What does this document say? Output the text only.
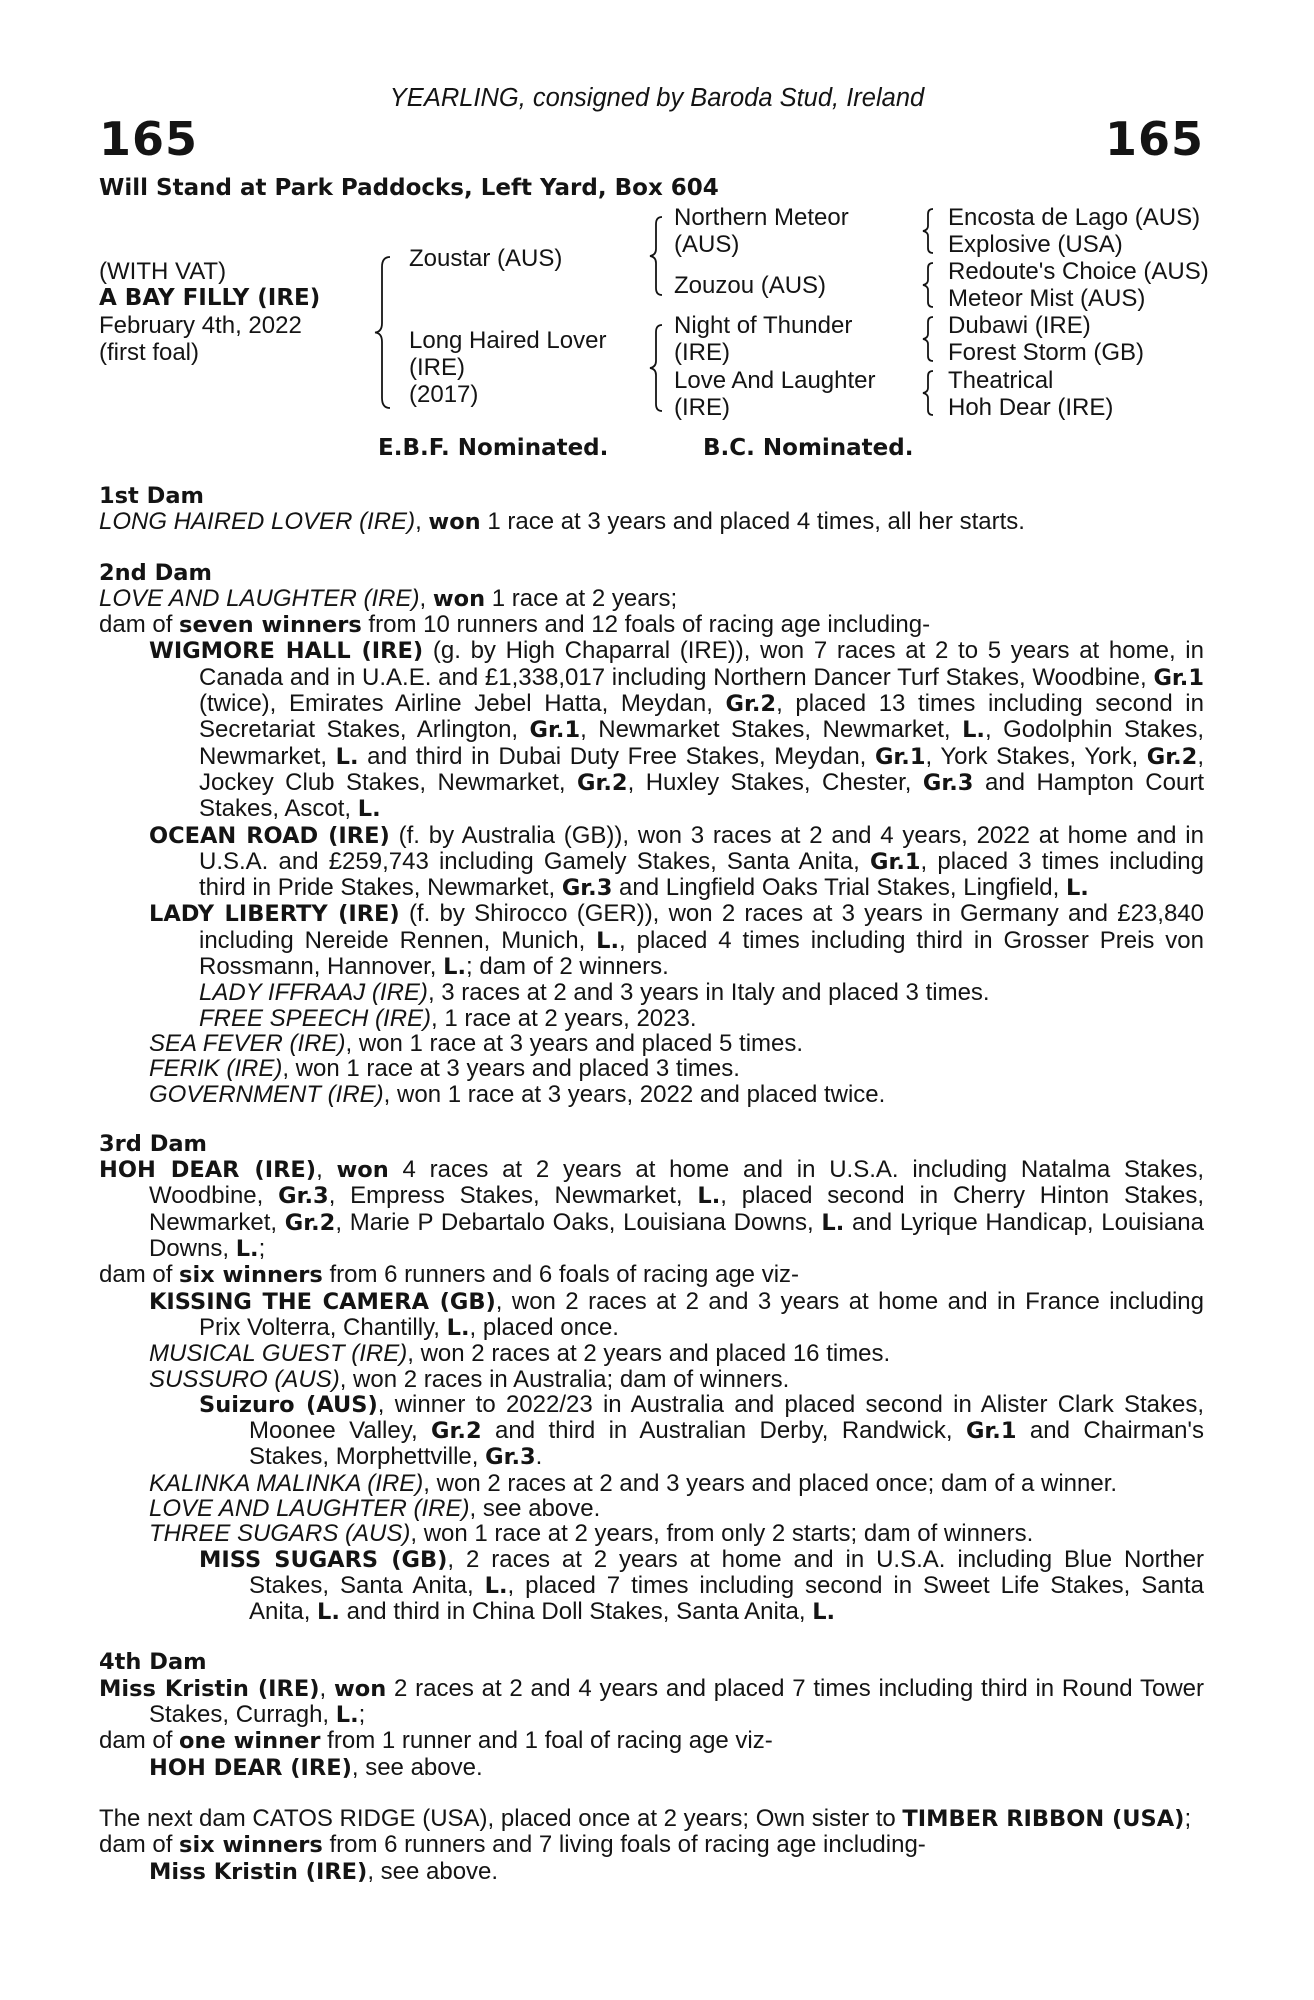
YEARLING, consigned by Baroda Stud, Ireland
165	165
Will Stand at Park Paddocks, Left Yard, Box 604
(WITH VAT)
A BAY FILLY (IRE)
February 4th, 2022
(first foal)
Zoustar (AUS)
Long Haired Lover
(IRE)
(2017)
Northern Meteor
(AUS)
Zouzou (AUS)
Night of Thunder
(IRE)
Love And Laughter
(IRE)
Encosta de Lago (AUS)
Explosive (USA)
Redoute's Choice (AUS)
Meteor Mist (AUS)
Dubawi (IRE)
Forest Storm (GB)
Theatrical
Hoh Dear (IRE)
E.B.F. Nominated.	B.C. Nominated.
1st Dam

LONG HAIRED LOVER (IRE), won 1 race at 3 years and placed 4 times, all her starts.

2nd Dam

LOVE AND LAUGHTER (IRE), won 1 race at 2 years;

dam of seven winners from 10 runners and 12 foals of racing age including-

WIGMORE HALL (IRE) (g. by High Chaparral (IRE)), won 7 races at 2 to 5 years at home, in Canada and in U.A.E. and £1,338,017 including Northern Dancer Turf Stakes, Woodbine, Gr.1 (twice), Emirates Airline Jebel Hatta, Meydan, Gr.2, placed 13 times including second in Secretariat Stakes, Arlington, Gr.1, Newmarket Stakes, Newmarket, L., Godolphin Stakes, Newmarket, L. and third in Dubai Duty Free Stakes, Meydan, Gr.1, York Stakes, York, Gr.2, Jockey Club Stakes, Newmarket, Gr.2, Huxley Stakes, Chester, Gr.3 and Hampton Court Stakes, Ascot, L.

OCEAN ROAD (IRE) (f. by Australia (GB)), won 3 races at 2 and 4 years, 2022 at home and in U.S.A. and £259,743 including Gamely Stakes, Santa Anita, Gr.1, placed 3 times including third in Pride Stakes, Newmarket, Gr.3 and Lingfield Oaks Trial Stakes, Lingfield, L.

LADY LIBERTY (IRE) (f. by Shirocco (GER)), won 2 races at 3 years in Germany and £23,840 including Nereide Rennen, Munich, L., placed 4 times including third in Grosser Preis von Rossmann, Hannover, L.; dam of 2 winners.

LADY IFFRAAJ (IRE), 3 races at 2 and 3 years in Italy and placed 3 times.

FREE SPEECH (IRE), 1 race at 2 years, 2023.

SEA FEVER (IRE), won 1 race at 3 years and placed 5 times.

FERIK (IRE), won 1 race at 3 years and placed 3 times.

GOVERNMENT (IRE), won 1 race at 3 years, 2022 and placed twice.

3rd Dam

HOH DEAR (IRE), won 4 races at 2 years at home and in U.S.A. including Natalma Stakes, Woodbine, Gr.3, Empress Stakes, Newmarket, L., placed second in Cherry Hinton Stakes, Newmarket, Gr.2, Marie P Debartalo Oaks, Louisiana Downs, L. and Lyrique Handicap, Louisiana Downs, L.;

dam of six winners from 6 runners and 6 foals of racing age viz-

KISSING THE CAMERA (GB), won 2 races at 2 and 3 years at home and in France including Prix Volterra, Chantilly, L., placed once.

MUSICAL GUEST (IRE), won 2 races at 2 years and placed 16 times.

SUSSURO (AUS), won 2 races in Australia; dam of winners.

Suizuro (AUS), winner to 2022/23 in Australia and placed second in Alister Clark Stakes, Moonee Valley, Gr.2 and third in Australian Derby, Randwick, Gr.1 and Chairman's Stakes, Morphettville, Gr.3.

KALINKA MALINKA (IRE), won 2 races at 2 and 3 years and placed once; dam of a winner.

LOVE AND LAUGHTER (IRE), see above.

THREE SUGARS (AUS), won 1 race at 2 years, from only 2 starts; dam of winners.

MISS SUGARS (GB), 2 races at 2 years at home and in U.S.A. including Blue Norther Stakes, Santa Anita, L., placed 7 times including second in Sweet Life Stakes, Santa Anita, L. and third in China Doll Stakes, Santa Anita, L.

4th Dam

Miss Kristin (IRE), won 2 races at 2 and 4 years and placed 7 times including third in Round Tower Stakes, Curragh, L.;

dam of one winner from 1 runner and 1 foal of racing age viz-

HOH DEAR (IRE), see above.

The next dam CATOS RIDGE (USA), placed once at 2 years; Own sister to TIMBER RIBBON (USA);

dam of six winners from 6 runners and 7 living foals of racing age including-

Miss Kristin (IRE), see above.
